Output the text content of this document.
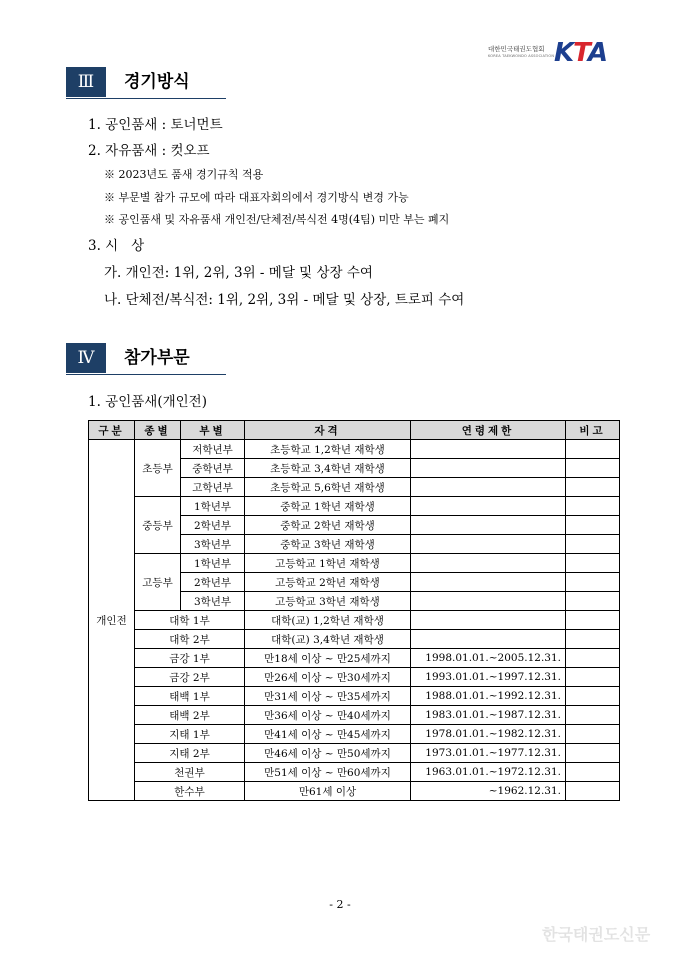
대한민국태권도협회
KOREA TAEKWONDO ASSOCIATION KTA
Ⅲ	경기방식
1. 공인품새 : 토너먼트
2. 자유품새 : 컷오프
※ 2023년도 품새 경기규칙 적용
※ 부문별 참가 규모에 따라 대표자회의에서 경기방식 변경 가능
※ 공인품새 및 자유품새 개인전/단체전/복식전 4명(4팀) 미만 부는 폐지
3. 시   상
가. 개인전: 1위, 2위, 3위 - 메달 및 상장 수여
나. 단체전/복식전: 1위, 2위, 3위 - 메달 및 상장, 트로피 수여
Ⅳ	참가부문
1. 공인품새(개인전)
구분	종별	부별	자격	연령제한	비고
개인전	초등부	저학년부	초등학교 1,2학년 재학생		
		중학년부	초등학교 3,4학년 재학생		
		고학년부	초등학교 5,6학년 재학생		
	중등부	1학년부	중학교 1학년 재학생		
		2학년부	중학교 2학년 재학생		
		3학년부	중학교 3학년 재학생		
	고등부	1학년부	고등학교 1학년 재학생		
		2학년부	고등학교 2학년 재학생		
		3학년부	고등학교 3학년 재학생		
	대학 1부		대학(교) 1,2학년 재학생		
	대학 2부		대학(교) 3,4학년 재학생		
	금강 1부		만18세 이상 ~ 만25세까지	1998.01.01.~2005.12.31.	
	금강 2부		만26세 이상 ~ 만30세까지	1993.01.01.~1997.12.31.	
	태백 1부		만31세 이상 ~ 만35세까지	1988.01.01.~1992.12.31.	
	태백 2부		만36세 이상 ~ 만40세까지	1983.01.01.~1987.12.31.	
	지태 1부		만41세 이상 ~ 만45세까지	1978.01.01.~1982.12.31.	
	지태 2부		만46세 이상 ~ 만50세까지	1973.01.01.~1977.12.31.	
	천권부		만51세 이상 ~ 만60세까지	1963.01.01.~1972.12.31.	
	한수부		만61세 이상	~1962.12.31.	
- 2 -
한국태권도신문
